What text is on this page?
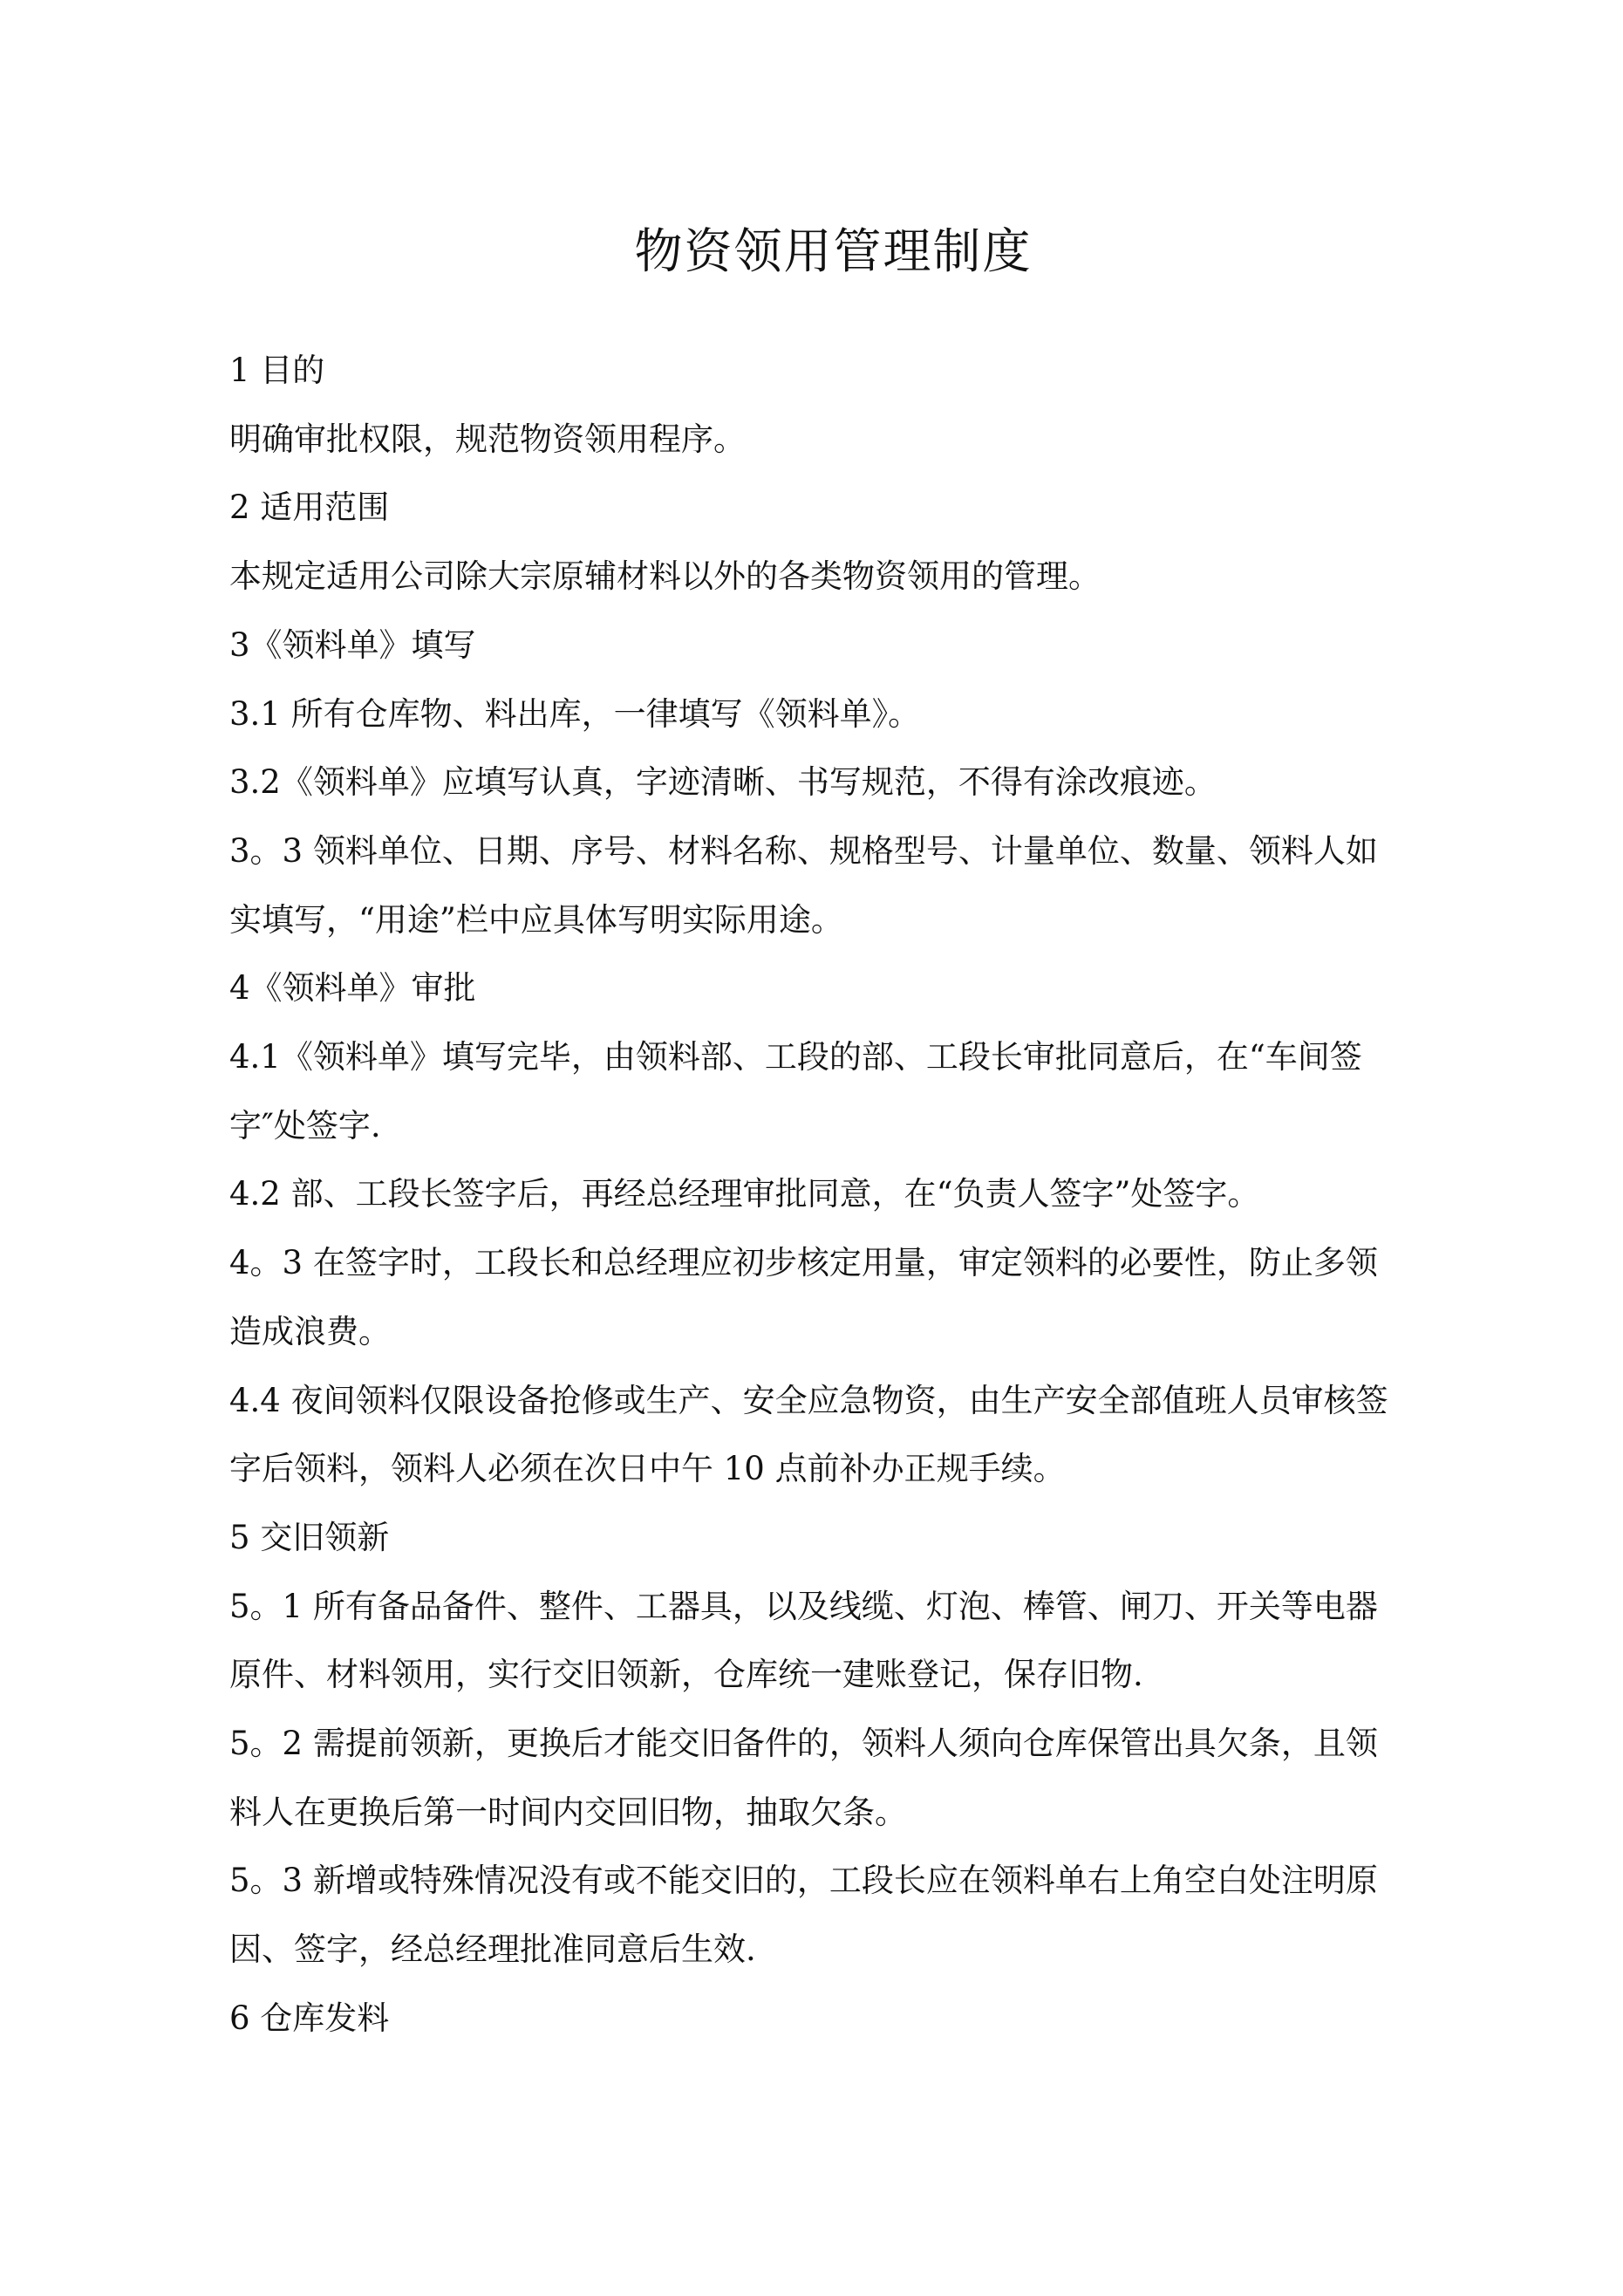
物资领用管理制度

1 目的

明确审批权限，规范物资领用程序。

2 适用范围

本规定适用公司除大宗原辅材料以外的各类物资领用的管理。

3《领料单》填写

3.1 所有仓库物、料出库，一律填写《领料单》。

3.2《领料单》应填写认真，字迹清晰、书写规范，不得有涂改痕迹。

3。3 领料单位、日期、序号、材料名称、规格型号、计量单位、数量、领料人如

实填写，“用途”栏中应具体写明实际用途。

4《领料单》审批

4.1《领料单》填写完毕，由领料部、工段的部、工段长审批同意后，在“车间签

字″处签字.

4.2 部、工段长签字后，再经总经理审批同意，在“负责人签字”处签字。

4。3 在签字时，工段长和总经理应初步核定用量，审定领料的必要性，防止多领

造成浪费。

4.4 夜间领料仅限设备抢修或生产、安全应急物资，由生产安全部值班人员审核签

字后领料，领料人必须在次日中午 10 点前补办正规手续。

5 交旧领新

5。1 所有备品备件、整件、工器具，以及线缆、灯泡、棒管、闸刀、开关等电器

原件、材料领用，实行交旧领新，仓库统一建账登记，保存旧物.

5。2 需提前领新，更换后才能交旧备件的，领料人须向仓库保管出具欠条，且领

料人在更换后第一时间内交回旧物，抽取欠条。

5。3 新增或特殊情况没有或不能交旧的，工段长应在领料单右上角空白处注明原

因、签字，经总经理批准同意后生效.

6 仓库发料
